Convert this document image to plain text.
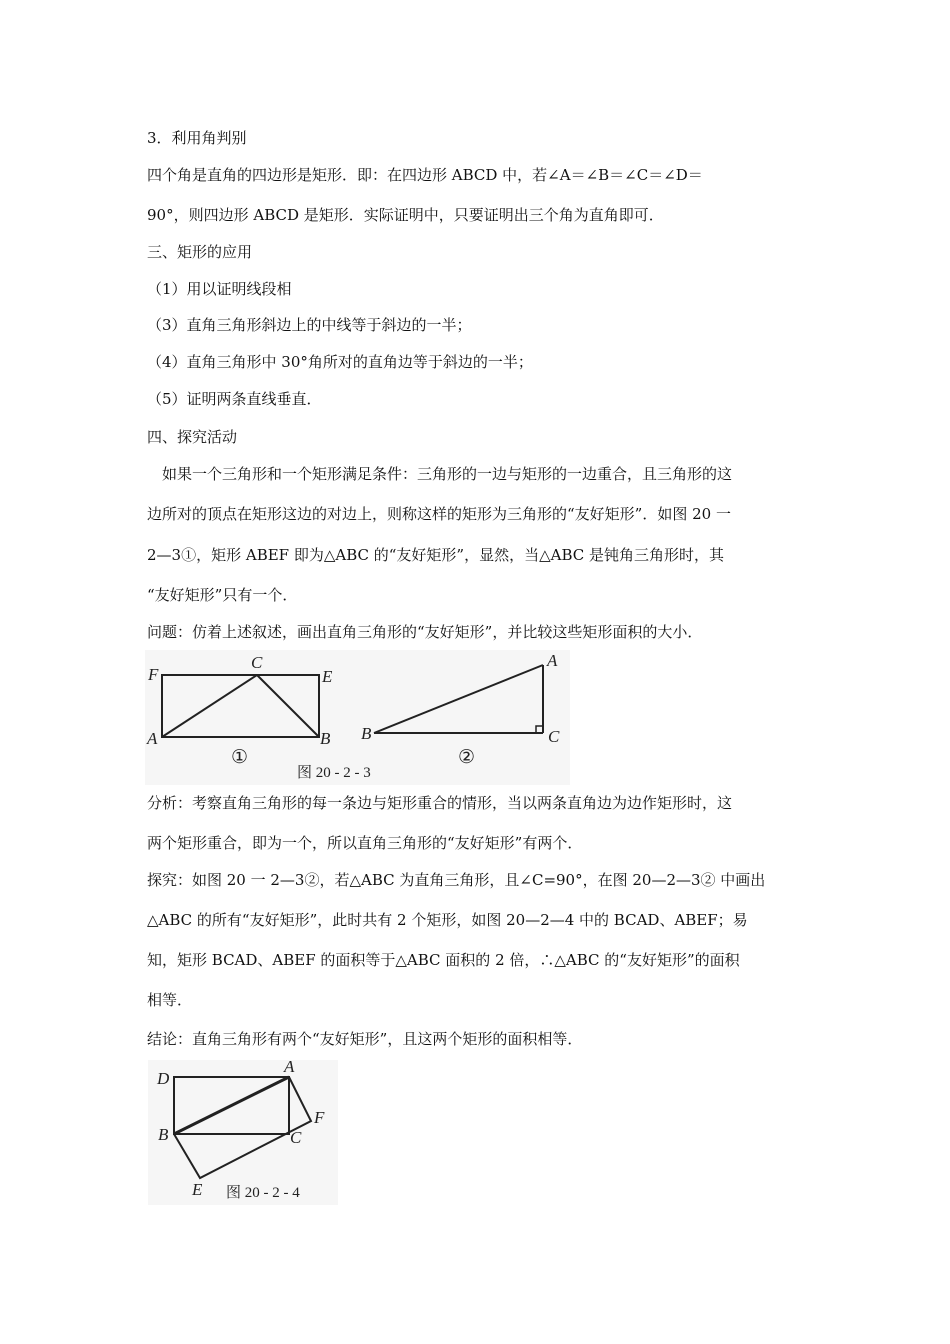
3．利用角判别
四个角是直角的四边形是矩形．即：在四边形 ABCD 中，若∠A＝∠B＝∠C＝∠D＝
90°，则四边形 ABCD 是矩形．实际证明中，只要证明出三个角为直角即可．
三、矩形的应用
（1）用以证明线段相
（3）直角三角形斜边上的中线等于斜边的一半；
（4）直角三角形中 30°角所对的直角边等于斜边的一半；
（5）证明两条直线垂直．
四、探究活动
　如果一个三角形和一个矩形满足条件：三角形的一边与矩形的一边重合，且三角形的这
边所对的顶点在矩形这边的对边上，则称这样的矩形为三角形的“友好矩形”．如图 20 一
2—3①，矩形 ABEF 即为△ABC 的“友好矩形”，显然，当△ABC 是钝角三角形时，其
“友好矩形”只有一个．
问题：仿着上述叙述，画出直角三角形的“友好矩形”，并比较这些矩形面积的大小．
F
C
E
A	B
①
A
B	C
②
图 20 - 2 - 3
分析：考察直角三角形的每一条边与矩形重合的情形，当以两条直角边为边作矩形时，这
两个矩形重合，即为一个，所以直角三角形的“友好矩形”有两个．
探究：如图 20 一 2—3②，若△ABC 为直角三角形，且∠C=90°，在图 20—2—3② 中画出
△ABC 的所有“友好矩形”，此时共有 2 个矩形，如图 20—2—4 中的 BCAD、ABEF；易
知，矩形 BCAD、ABEF 的面积等于△ABC 面积的 2 倍，∴△ABC 的“友好矩形”的面积
相等．
结论：直角三角形有两个“友好矩形”，且这两个矩形的面积相等．
D
A
B	C
F
E 图 20 - 2 - 4
